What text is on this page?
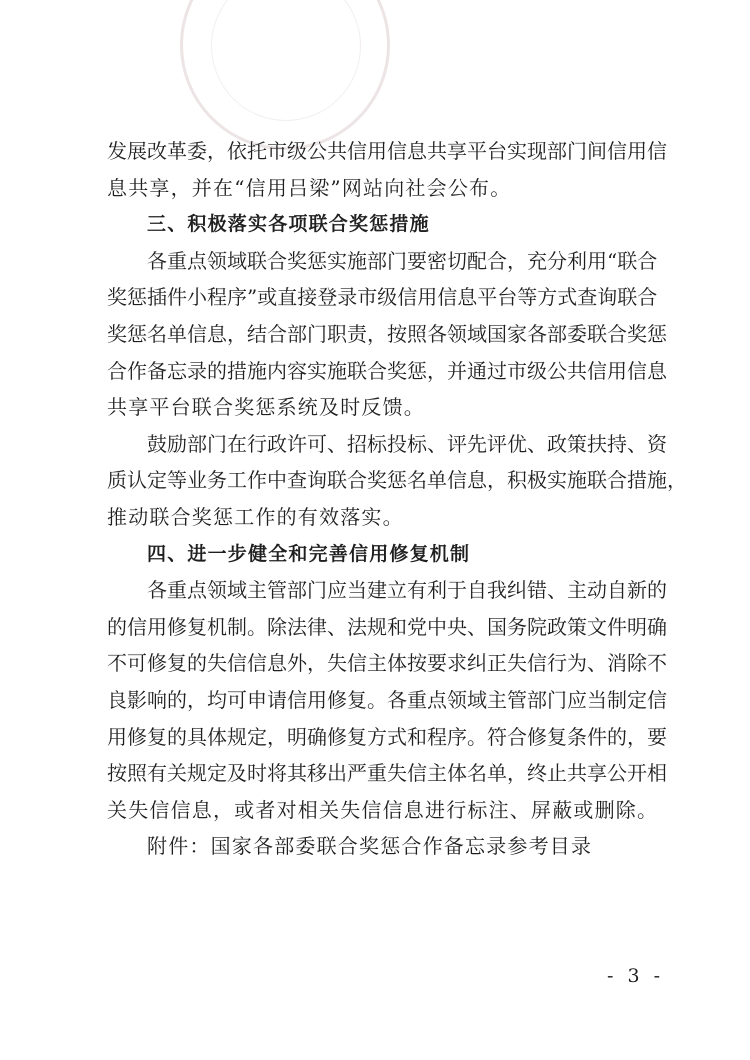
发展改革委，依托市级公共信用信息共享平台实现部门间信用信
息共享，并在“信用吕梁”网站向社会公布。
三、积极落实各项联合奖惩措施
各重点领域联合奖惩实施部门要密切配合，充分利用“联合
奖惩插件小程序”或直接登录市级信用信息平台等方式查询联合
奖惩名单信息，结合部门职责，按照各领域国家各部委联合奖惩
合作备忘录的措施内容实施联合奖惩，并通过市级公共信用信息
共享平台联合奖惩系统及时反馈。
鼓励部门在行政许可、招标投标、评先评优、政策扶持、资
质认定等业务工作中查询联合奖惩名单信息，积极实施联合措施，
推动联合奖惩工作的有效落实。
四、进一步健全和完善信用修复机制
各重点领域主管部门应当建立有利于自我纠错、主动自新的
的信用修复机制。除法律、法规和党中央、国务院政策文件明确
不可修复的失信信息外，失信主体按要求纠正失信行为、消除不
良影响的，均可申请信用修复。各重点领域主管部门应当制定信
用修复的具体规定，明确修复方式和程序。符合修复条件的，要
按照有关规定及时将其移出严重失信主体名单，终止共享公开相
关失信信息，或者对相关失信信息进行标注、屏蔽或删除。
附件：国家各部委联合奖惩合作备忘录参考目录
- 3 -
